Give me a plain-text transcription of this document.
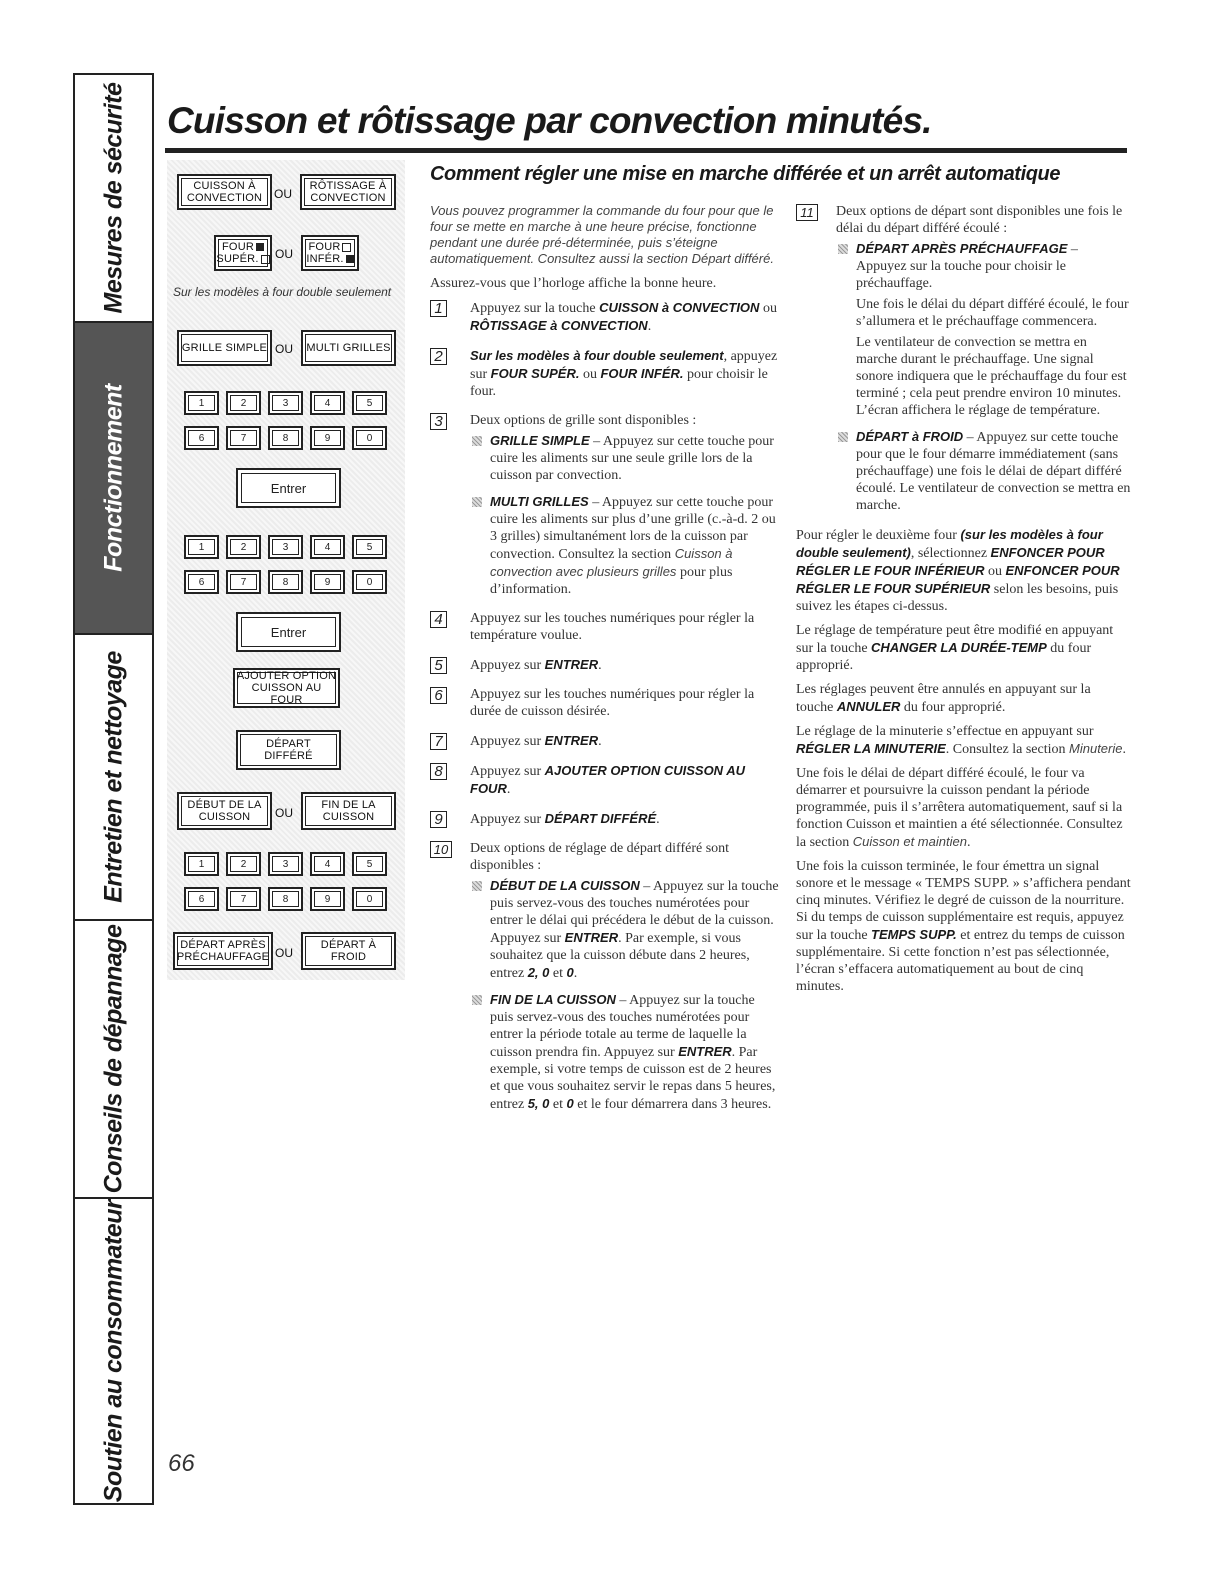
Mesures de sécurité
Fonctionnement
Entretien et nettoyage
Conseils de dépannage
Soutien au consommateur
Cuisson et rôtissage par convection minutés.
CUISSON À
CONVECTION OU
RÔTISSAGE À
CONVECTION
FOUR
SUPÉR.	OU FOUR
INFÉR.
Sur les modèles à four double seulement
GRILLE SIMPLE OU MULTI GRILLES
1	2	3	4	5
6	7	8	9	0
Entrer
1	2	3	4	5
6	7	8	9	0
Entrer
AJOUTER OPTION
CUISSON AU FOUR
DÉPART
DIFFÉRÉ
DÉBUT DE LA
CUISSON OU
FIN DE LA
CUISSON
1	2	3	4	5
6	7	8	9	0
DÉPART APRÈS
PRÉCHAUFFAGE OU
DÉPART À
FROID
Comment régler une mise en marche différée et un arrêt automatique

Vous pouvez programmer la commande du four pour que le four se mette en marche à une heure précise, fonctionne pendant une durée pré-déterminée, puis s’éteigne automatiquement. Consultez aussi la section Départ différé.

Assurez-vous que l’horloge affiche la bonne heure.

1	Appuyez sur la touche CUISSON à CONVECTION ou RÔTISSAGE à CONVECTION.
2	Sur les modèles à four double seulement, appuyez sur FOUR SUPÉR. ou FOUR INFÉR. pour choisir le four.
3	Deux options de grille sont disponibles :
GRILLE SIMPLE – Appuyez sur cette touche pour cuire les aliments sur une seule grille lors de la cuisson par convection.
MULTI GRILLES – Appuyez sur cette touche pour cuire les aliments sur plus d’une grille (c.-à-d. 2 ou 3 grilles) simultanément lors de la cuisson par convection. Consultez la section Cuisson à convection avec plusieurs grilles pour plus d’information.
4	Appuyez sur les touches numériques pour régler la température voulue.
5	Appuyez sur ENTRER.
6	Appuyez sur les touches numériques pour régler la durée de cuisson désirée.
7	Appuyez sur ENTRER.
8	Appuyez sur AJOUTER OPTION CUISSON AU FOUR.
9	Appuyez sur DÉPART DIFFÉRÉ.
10 Deux options de réglage de départ différé sont disponibles :
DÉBUT DE LA CUISSON – Appuyez sur la touche puis servez-vous des touches numérotées pour entrer le délai qui précédera le début de la cuisson. Appuyez sur ENTRER. Par exemple, si vous souhaitez que la cuisson débute dans 2 heures, entrez 2, 0 et 0.
FIN DE LA CUISSON – Appuyez sur la touche puis servez-vous des touches numérotées pour entrer la période totale au terme de laquelle la cuisson prendra fin. Appuyez sur ENTRER. Par exemple, si votre temps de cuisson est de 2 heures et que vous souhaitez servir le repas dans 5 heures, entrez 5, 0 et 0 et le four démarrera dans 3 heures.
11	Deux options de départ sont disponibles une fois le délai du départ différé écoulé :

DÉPART APRÈS PRÉCHAUFFAGE – Appuyez sur la touche pour choisir le préchauffage.

Une fois le délai du départ différé écoulé, le four s’allumera et le préchauffage commencera.

Le ventilateur de convection se mettra en marche durant le préchauffage. Une signal sonore indiquera que le préchauffage du four est terminé ; cela peut prendre environ 10 minutes. L’écran affichera le réglage de température.

DÉPART à FROID – Appuyez sur cette touche pour que le four démarre immédiatement (sans préchauffage) une fois le délai de départ différé écoulé. Le ventilateur de convection se mettra en marche.

Pour régler le deuxième four (sur les modèles à four double seulement), sélectionnez ENFONCER POUR RÉGLER LE FOUR INFÉRIEUR ou ENFONCER POUR RÉGLER LE FOUR SUPÉRIEUR selon les besoins, puis suivez les étapes ci-dessus.

Le réglage de température peut être modifié en appuyant sur la touche CHANGER LA DURÉE-TEMP du four approprié.

Les réglages peuvent être annulés en appuyant sur la touche ANNULER du four approprié.

Le réglage de la minuterie s’effectue en appuyant sur RÉGLER LA MINUTERIE. Consultez la section Minuterie.

Une fois le délai de départ différé écoulé, le four va démarrer et poursuivre la cuisson pendant la période programmée, puis il s’arrêtera automatiquement, sauf si la fonction Cuisson et maintien a été sélectionnée. Consultez la section Cuisson et maintien.

Une fois la cuisson terminée, le four émettra un signal sonore et le message « TEMPS SUPP. » s’affichera pendant cinq minutes. Vérifiez le degré de cuisson de la nourriture. Si du temps de cuisson supplémentaire est requis, appuyez sur la touche TEMPS SUPP. et entrez du temps de cuisson supplémentaire. Si cette fonction n’est pas sélectionnée, l’écran s’effacera automatiquement au bout de cinq minutes.

66
